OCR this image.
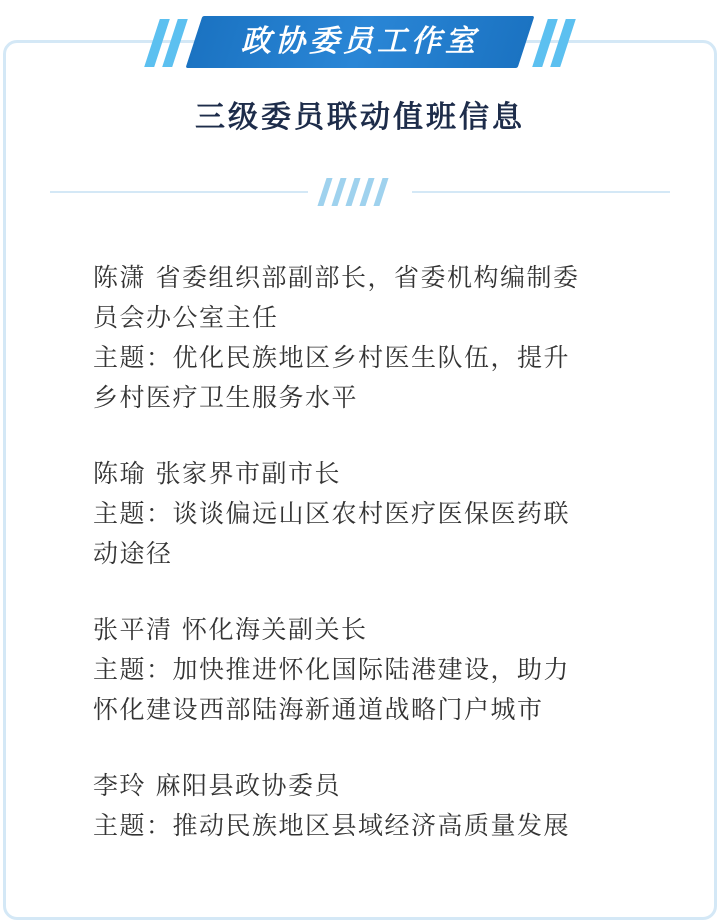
政协委员工作室
三级委员联动值班信息
陈潇 省委组织部副部长，省委机构编制委
员会办公室主任
主题：优化民族地区乡村医生队伍，提升
乡村医疗卫生服务水平
陈瑜 张家界市副市长
主题：谈谈偏远山区农村医疗医保医药联
动途径
张平清 怀化海关副关长
主题：加快推进怀化国际陆港建设，助力
怀化建设西部陆海新通道战略门户城市
李玲 麻阳县政协委员
主题：推动民族地区县域经济高质量发展
